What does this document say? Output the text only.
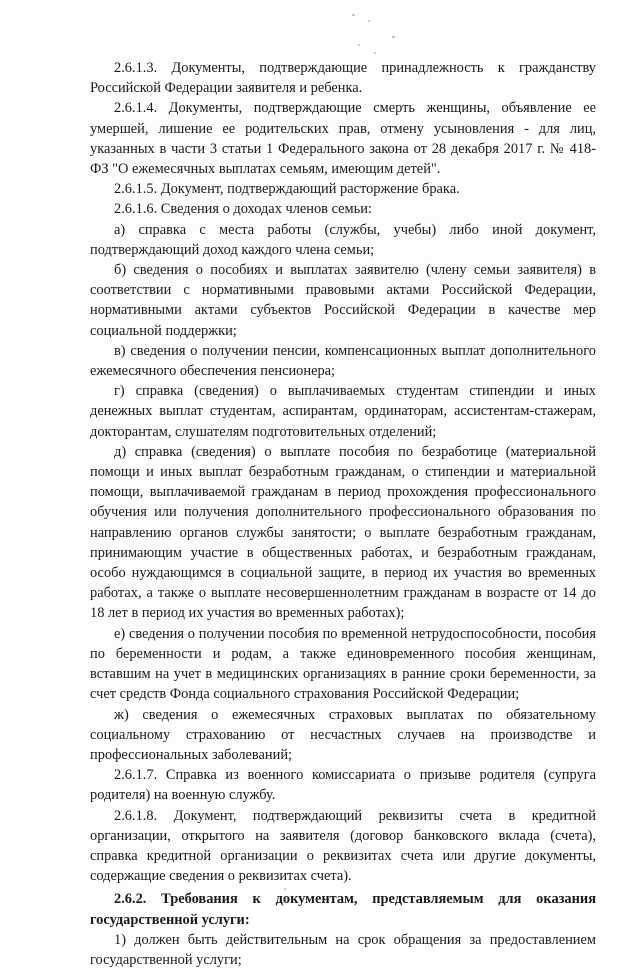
2.6.1.3. Документы, подтверждающие принадлежность к гражданству Российской Федерации заявителя и ребенка.

2.6.1.4. Документы, подтверждающие смерть женщины, объявление ее умершей, лишение ее родительских прав, отмену усыновления - для лиц, указанных в части 3 статьи 1 Федерального закона от 28 декабря 2017 г. № 418-ФЗ "О ежемесячных выплатах семьям, имеющим детей".

2.6.1.5. Документ, подтверждающий расторжение брака.

2.6.1.6. Сведения о доходах членов семьи:

а) справка с места работы (службы, учебы) либо иной документ, подтверждающий доход каждого члена семьи;

б) сведения о пособиях и выплатах заявителю (члену семьи заявителя) в соответствии с нормативными правовыми актами Российской Федерации, нормативными актами субъектов Российской Федерации в качестве мер социальной поддержки;

в) сведения о получении пенсии, компенсационных выплат дополнительного ежемесячного обеспечения пенсионера;

г) справка (сведения) о выплачиваемых студентам стипендии и иных денежных выплат студентам, аспирантам, ординаторам, ассистентам-стажерам, докторантам, слушателям подготовительных отделений;

д) справка (сведения) о выплате пособия по безработице (материальной помощи и иных выплат безработным гражданам, о стипендии и материальной помощи, выплачиваемой гражданам в период прохождения профессионального обучения или получения дополнительного профессионального образования по направлению органов службы занятости; о выплате безработным гражданам, принимающим участие в общественных работах, и безработным гражданам, особо нуждающимся в социальной защите, в период их участия во временных работах, а также о выплате несовершеннолетним гражданам в возрасте от 14 до 18 лет в период их участия во временных работах);

е) сведения о получении пособия по временной нетрудоспособности, пособия по беременности и родам, а также единовременного пособия женщинам, вставшим на учет в медицинских организациях в ранние сроки беременности, за счет средств Фонда социального страхования Российской Федерации;

ж) сведения о ежемесячных страховых выплатах по обязательному социальному страхованию от несчастных случаев на производстве и профессиональных заболеваний;

2.6.1.7. Справка из военного комиссариата о призыве родителя (супруга родителя) на военную службу.

2.6.1.8. Документ, подтверждающий реквизиты счета в кредитной организации, открытого на заявителя (договор банковского вклада (счета), справка кредитной организации о реквизитах счета или другие документы, содержащие сведения о реквизитах счета).

2.6.2. Требования к документам, представляемым для оказания государственной услуги:

1) должен быть действительным на срок обращения за предоставлением государственной услуги;
